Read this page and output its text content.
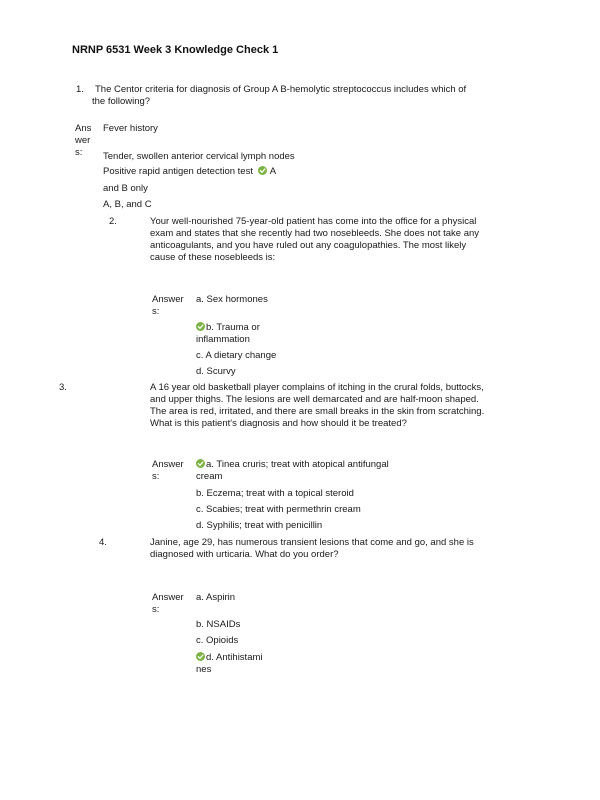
NRNP 6531 Week 3 Knowledge Check 1
1. The Centor criteria for diagnosis of Group A B-hemolytic streptococcus includes which of
the following?
Ans
wer
s:
Fever history
Tender, swollen anterior cervical lymph nodes
Positive rapid antigen detection test A
and B only
A, B, and C
2.	Your well-nourished 75-year-old patient has come into the office for a physical
exam and states that she recently had two nosebleeds. She does not take any
anticoagulants, and you have ruled out any coagulopathies. The most likely
cause of these nosebleeds is:
Answer
s:
a. Sex hormones
b. Trauma or
inflammation
c. A dietary change
d. Scurvy
3.	A 16 year old basketball player complains of itching in the crural folds, buttocks,
and upper thighs. The lesions are well demarcated and are half-moon shaped.
The area is red, irritated, and there are small breaks in the skin from scratching.
What is this patient's diagnosis and how should it be treated?
Answer
s:
a. Tinea cruris; treat with atopical antifungal
cream
b. Eczema; treat with a topical steroid
c. Scabies; treat with permethrin cream
d. Syphilis; treat with penicillin
4.	Janine, age 29, has numerous transient lesions that come and go, and she is
diagnosed with urticaria. What do you order?
Answer
s:
a. Aspirin
b. NSAIDs
c. Opioids
d. Antihistami
nes
